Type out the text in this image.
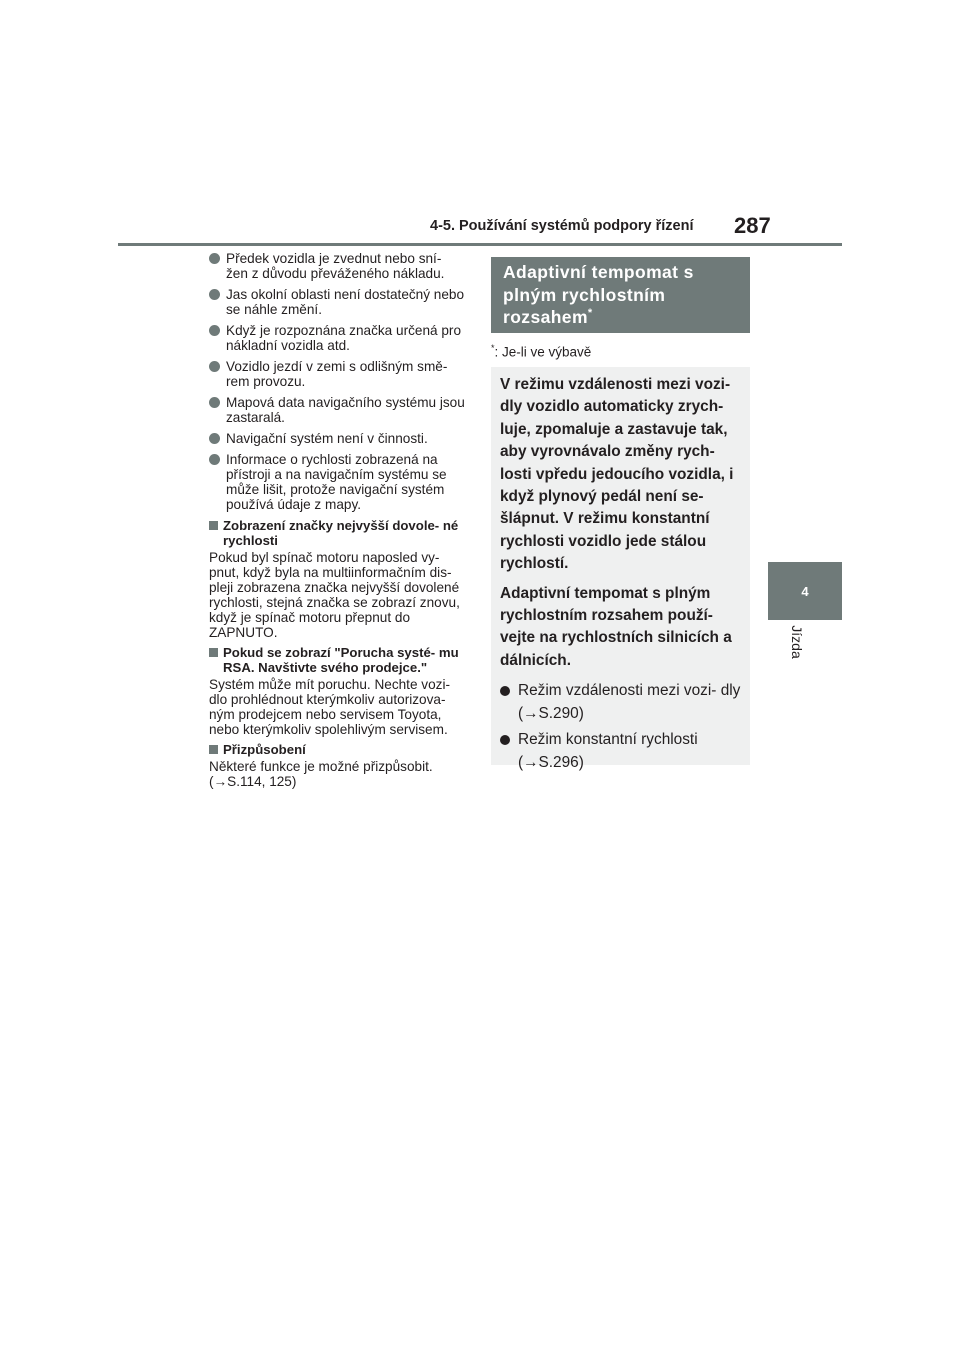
4-5. Používání systémů podpory řízení 287
4
Jízda
Předek vozidla je zvednut nebo sní- žen z důvodu převáženého nákladu.
Jas okolní oblasti není dostatečný nebo se náhle změní.
Když je rozpoznána značka určená pro nákladní vozidla atd.
Vozidlo jezdí v zemi s odlišným smě- rem provozu.
Mapová data navigačního systému jsou zastaralá.
Navigační systém není v činnosti.
Informace o rychlosti zobrazená na přístroji a na navigačním systému se může lišit, protože navigační systém používá údaje z mapy.
Zobrazení značky nejvyšší dovole- né rychlosti
Pokud byl spínač motoru naposled vy- pnut, když byla na multiinformačním dis- pleji zobrazena značka nejvyšší dovolené rychlosti, stejná značka se zobrazí znovu, když je spínač motoru přepnut do ZAPNUTO.
Pokud se zobrazí "Porucha systé- mu RSA. Navštivte svého prodejce."
Systém může mít poruchu. Nechte vozi- dlo prohlédnout kterýmkoliv autorizova- ným prodejcem nebo servisem Toyota, nebo kterýmkoliv spolehlivým servisem.
Přizpůsobení
Některé funkce je možné přizpůsobit. (→S.114, 125)
Adaptivní tempomat s plným rychlostním rozsahem*
*: Je-li ve výbavě

V režimu vzdálenosti mezi vozi- dly vozidlo automaticky zrych- luje, zpomaluje a zastavuje tak, aby vyrovnávalo změny rych- losti vpředu jedoucího vozidla, i když plynový pedál není se- šlápnut. V režimu konstantní rychlosti vozidlo jede stálou rychlostí.

Adaptivní tempomat s plným rychlostním rozsahem použí- vejte na rychlostních silnicích a dálnicích.

Režim vzdálenosti mezi vozi- dly (→S.290)
Režim konstantní rychlosti (→S.296)
